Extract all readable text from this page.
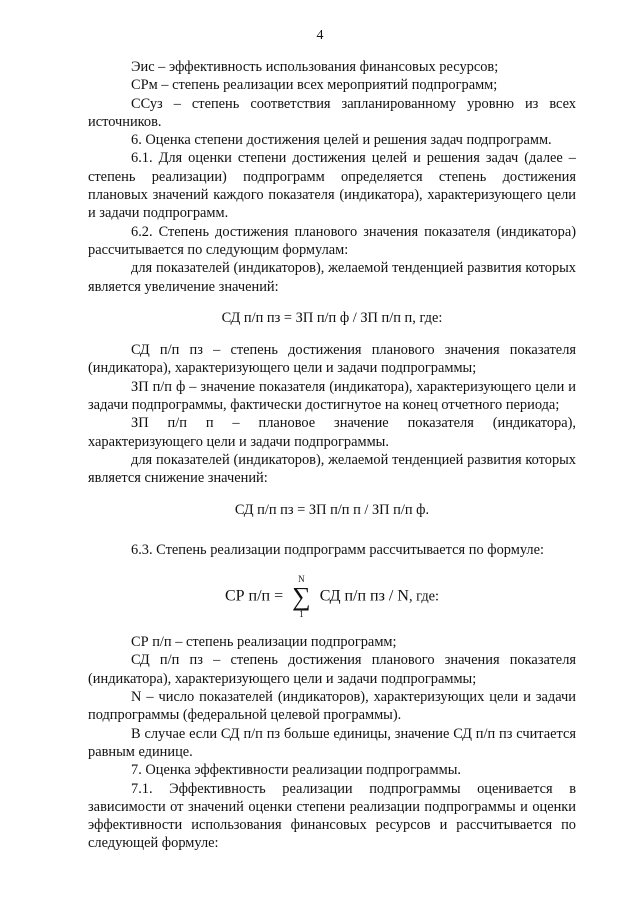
4

Эис – эффективность использования финансовых ресурсов;

СРм – степень реализации всех мероприятий подпрограмм;

ССуз – степень соответствия запланированному уровню из всех источников.

6. Оценка степени достижения целей и решения задач подпрограмм.

6.1. Для оценки степени достижения целей и решения задач (далее – степень реализации) подпрограмм определяется степень достижения плановых значений каждого показателя (индикатора), характеризующего цели и задачи подпрограмм.

6.2. Степень достижения планового значения показателя (индикатора) рассчитывается по следующим формулам:

для показателей (индикаторов), желаемой тенденцией развития которых является увеличение значений:

СД п/п пз = ЗП п/п ф / ЗП п/п п, где:

СД п/п пз – степень достижения планового значения показателя (индикатора), характеризующего цели и задачи подпрограммы;

ЗП п/п ф – значение показателя (индикатора), характеризующего цели и задачи подпрограммы, фактически достигнутое на конец отчетного периода;

ЗП п/п п – плановое значение показателя (индикатора), характеризующего цели и задачи подпрограммы.

для показателей (индикаторов), желаемой тенденцией развития которых является снижение значений:

СД п/п пз = ЗП п/п п / ЗП п/п ф.

6.3. Степень реализации подпрограмм рассчитывается по формуле:

СР п/п =
N
∑
1
СД п/п пз / N, где:

СР п/п – степень реализации подпрограмм;

СД п/п пз – степень достижения планового значения показателя (индикатора), характеризующего цели и задачи подпрограммы;

N – число показателей (индикаторов), характеризующих цели и задачи подпрограммы (федеральной целевой программы).

В случае если СД п/п пз больше единицы, значение СД п/п пз считается равным единице.

7. Оценка эффективности реализации подпрограммы.

7.1. Эффективность реализации подпрограммы оценивается в зависимости от значений оценки степени реализации подпрограммы и оценки эффективности использования финансовых ресурсов и рассчитывается по следующей формуле:
